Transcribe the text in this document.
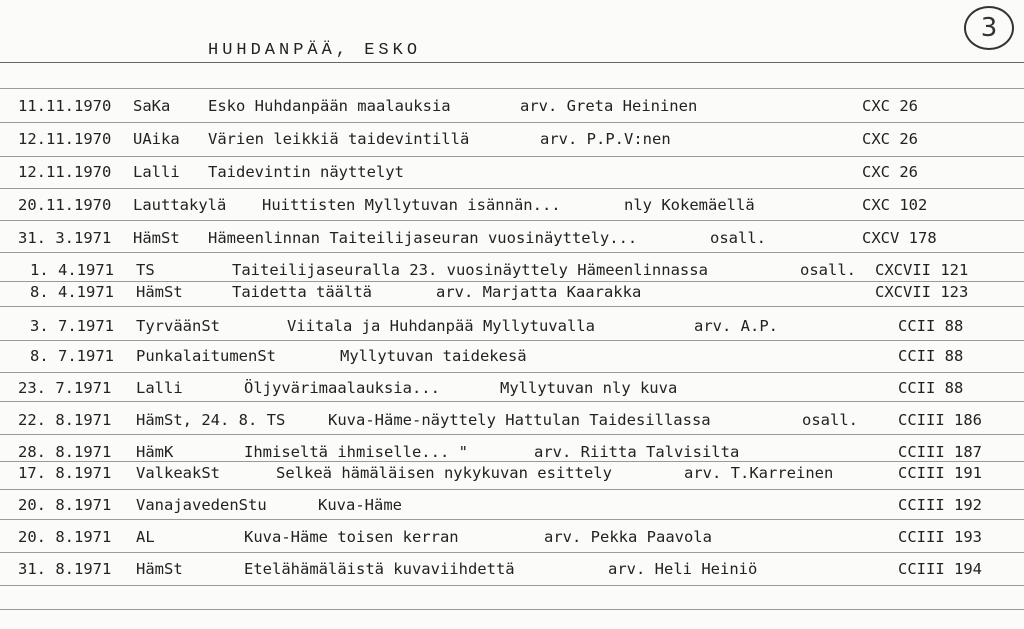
3
HUHDANPÄÄ, ESKO
11.11.1970 SaKa Esko Huhdanpään maalauksia	arv. Greta Heininen	CXC 26
12.11.1970 UAika Värien leikkiä taidevintillä	arv. P.P.V:nen	CXC 26
12.11.1970 Lalli Taidevintin näyttelyt	CXC 26
20.11.1970 Lauttakylä Huittisten Myllytuvan isännän...	nly Kokemäellä	CXC 102
31. 3.1971 HämSt Hämeenlinnan Taiteilijaseuran vuosinäyttely...	osall.	CXCV 178
1. 4.1971 TS	Taiteilijaseuralla 23. vuosinäyttely Hämeenlinnassa	osall. CXCVII 121
8. 4.1971 HämSt	Taidetta täältä	arv. Marjatta Kaarakka	CXCVII 123
3. 7.1971 TyrväänSt	Viitala ja Huhdanpää Myllytuvalla	arv. A.P.	CCII 88
8. 7.1971 PunkalaitumenSt	Myllytuvan taidekesä	CCII 88
23. 7.1971 Lalli	Öljyvärimaalauksia...	Myllytuvan nly kuva	CCII 88
22. 8.1971 HämSt, 24. 8. TS	Kuva-Häme-näyttely Hattulan Taidesillassa	osall.	CCIII 186
28. 8.1971 HämK	Ihmiseltä ihmiselle... "	arv. Riitta Talvisilta	CCIII 187
17. 8.1971 ValkeakSt	Selkeä hämäläisen nykykuvan esittely	arv. T.Karreinen	CCIII 191
20. 8.1971 VanajavedenStu	Kuva-Häme	CCIII 192
20. 8.1971 AL	Kuva-Häme toisen kerran	arv. Pekka Paavola	CCIII 193
31. 8.1971 HämSt	Etelähämäläistä kuvaviihdettä	arv. Heli Heiniö	CCIII 194
